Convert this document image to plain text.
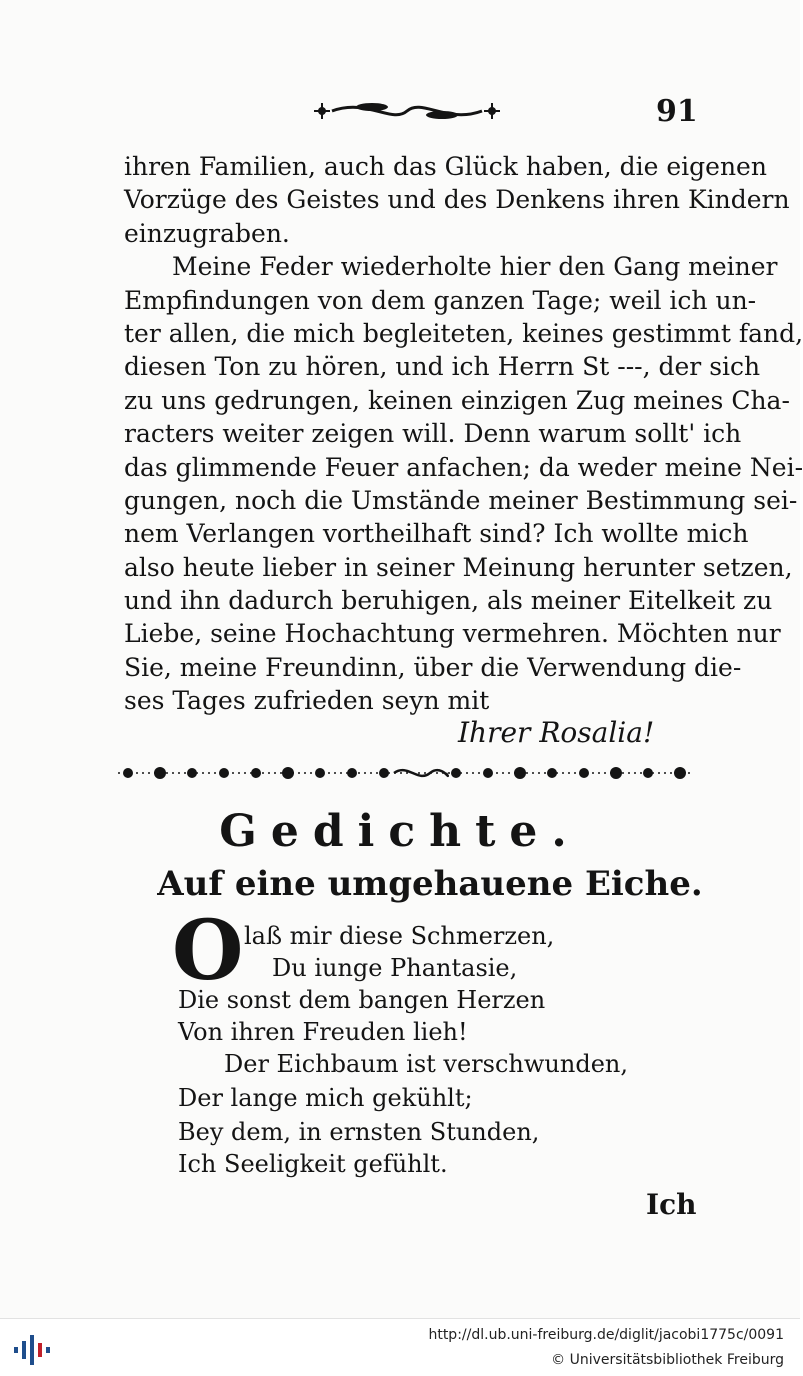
91
ihren Familien, auch das Glück haben, die eigenen
Vorzüge des Geistes und des Denkens ihren Kindern
einzugraben.
Meine Feder wiederholte hier den Gang meiner
Empfindungen von dem ganzen Tage; weil ich un-
ter allen, die mich begleiteten, keines gestimmt fand,
diesen Ton zu hören, und ich Herrn St ---, der sich
zu uns gedrungen, keinen einzigen Zug meines Cha-
racters weiter zeigen will. Denn warum sollt' ich
das glimmende Feuer anfachen; da weder meine Nei-
gungen, noch die Umstände meiner Bestimmung sei-
nem Verlangen vortheilhaft sind? Ich wollte mich
also heute lieber in seiner Meinung herunter setzen,
und ihn dadurch beruhigen, als meiner Eitelkeit zu
Liebe, seine Hochachtung vermehren. Möchten nur
Sie, meine Freundinn, über die Verwendung die-
ses Tages zufrieden seyn mit
Ihrer Rosalia!
Gedichte.
Auf eine umgehauene Eiche.
O laß mir diese Schmerzen,
Du iunge Phantasie,
Die sonst dem bangen Herzen
Von ihren Freuden lieh!
Der Eichbaum ist verschwunden,
Der lange mich gekühlt;
Bey dem, in ernsten Stunden,
Ich Seeligkeit gefühlt.
Ich
http://dl.ub.uni-freiburg.de/diglit/jacobi1775c/0091
© Universitätsbibliothek Freiburg
